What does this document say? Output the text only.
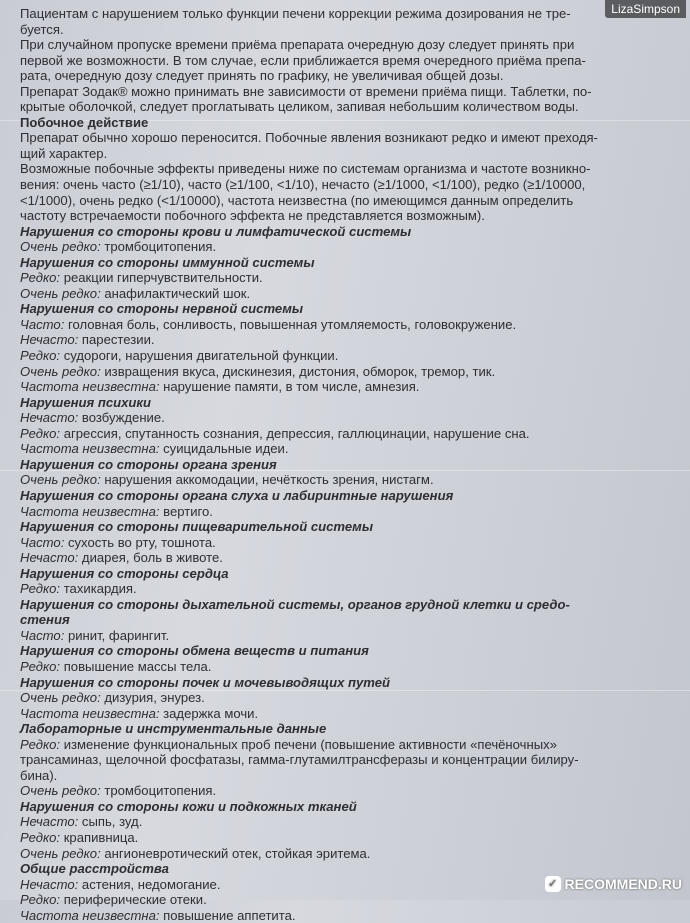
Пациентам с нарушением только функции печени коррекции режима дозирования не тре-

буется.

При случайном пропуске времени приёма препарата очередную дозу следует принять при

первой же возможности. В том случае, если приближается время очередного приёма препа-

рата, очередную дозу следует принять по графику, не увеличивая общей дозы.

Препарат Зодак® можно принимать вне зависимости от времени приёма пищи. Таблетки, по-

крытые оболочкой, следует проглатывать целиком, запивая небольшим количеством воды.

Побочное действие

Препарат обычно хорошо переносится. Побочные явления возникают редко и имеют преходя-

щий характер.

Возможные побочные эффекты приведены ниже по системам организма и частоте возникно-

вения: очень часто (≥1/10), часто (≥1/100, <1/10), нечасто (≥1/1000, <1/100), редко (≥1/10000,

<1/1000), очень редко (<1/10000), частота неизвестна (по имеющимся данным определить

частоту встречаемости побочного эффекта не представляется возможным).

Нарушения со стороны крови и лимфатической системы

Очень редко: тромбоцитопения.

Нарушения со стороны иммунной системы

Редко: реакции гиперчувствительности.

Очень редко: анафилактический шок.

Нарушения со стороны нервной системы

Часто: головная боль, сонливость, повышенная утомляемость, головокружение.

Нечасто: парестезии.

Редко: судороги, нарушения двигательной функции.

Очень редко: извращения вкуса, дискинезия, дистония, обморок, тремор, тик.

Частота неизвестна: нарушение памяти, в том числе, амнезия.

Нарушения психики

Нечасто: возбуждение.

Редко: агрессия, спутанность сознания, депрессия, галлюцинации, нарушение сна.

Частота неизвестна: суицидальные идеи.

Нарушения со стороны органа зрения

Очень редко: нарушения аккомодации, нечёткость зрения, нистагм.

Нарушения со стороны органа слуха и лабиринтные нарушения

Частота неизвестна: вертиго.

Нарушения со стороны пищеварительной системы

Часто: сухость во рту, тошнота.

Нечасто: диарея, боль в животе.

Нарушения со стороны сердца

Редко: тахикардия.

Нарушения со стороны дыхательной системы, органов грудной клетки и средо-

стения

Часто: ринит, фарингит.

Нарушения со стороны обмена веществ и питания

Редко: повышение массы тела.

Нарушения со стороны почек и мочевыводящих путей

Очень редко: дизурия, энурез.

Частота неизвестна: задержка мочи.

Лабораторные и инструментальные данные

Редко: изменение функциональных проб печени (повышение активности «печёночных»

трансаминаз, щелочной фосфатазы, гамма-глутамилтрансферазы и концентрации билиру-

бина).

Очень редко: тромбоцитопения.

Нарушения со стороны кожи и подкожных тканей

Нечасто: сыпь, зуд.

Редко: крапивница.

Очень редко: ангионевротический отек, стойкая эритема.

Общие расстройства

Нечасто: астения, недомогание.

Редко: периферические отеки.

Частота неизвестна: повышение аппетита.

LizaSimpson
✓ RECOMMEND.RU
